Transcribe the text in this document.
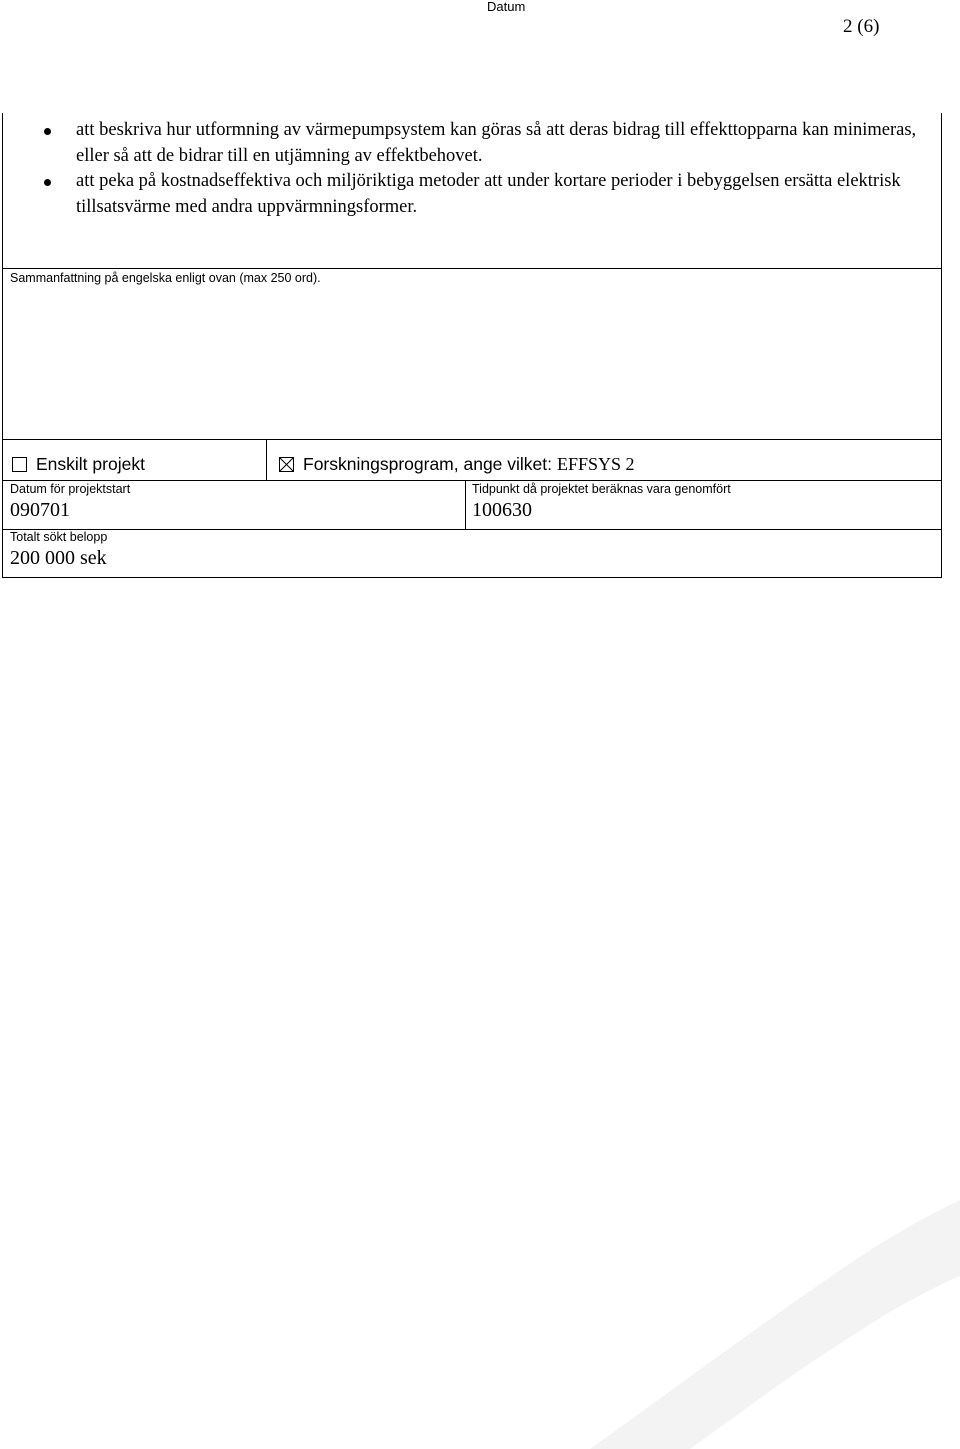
Datum
2 (6)
att beskriva hur utformning av värmepumpsystem kan göras så att deras bidrag till effekttopparna kan minimeras, eller så att de bidrar till en utjämning av effektbehovet.
att peka på kostnadseffektiva och miljöriktiga metoder att under kortare perioder i bebyggelsen ersätta elektrisk tillsatsvärme med andra uppvärmningsformer.
Sammanfattning på engelska enligt ovan (max 250 ord).
Enskilt projekt	Forskningsprogram, ange vilket: EFFSYS 2
Datum för projektstart
090701
Tidpunkt då projektet beräknas vara genomfört
100630
Totalt sökt belopp
200 000 sek
